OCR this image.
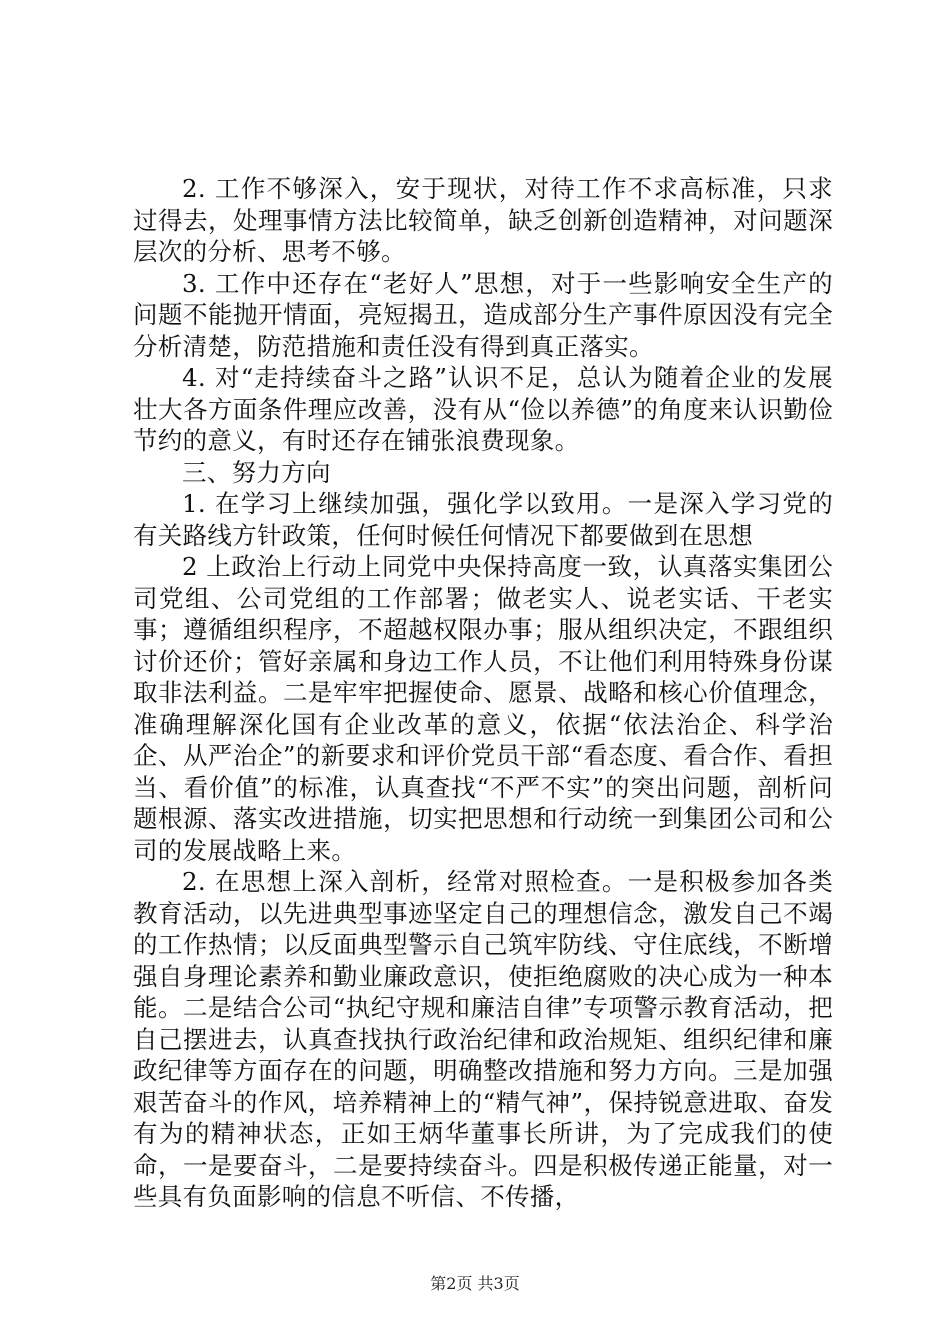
2. 工作不够深入，安于现状，对待工作不求高标准，只求过得去，处理事情方法比较简单，缺乏创新创造精神，对问题深层次的分析、思考不够。

3. 工作中还存在“老好人”思想，对于一些影响安全生产的问题不能抛开情面，亮短揭丑，造成部分生产事件原因没有完全分析清楚，防范措施和责任没有得到真正落实。

4. 对“走持续奋斗之路”认识不足，总认为随着企业的发展壮大各方面条件理应改善，没有从“俭以养德”的角度来认识勤俭节约的意义，有时还存在铺张浪费现象。

三、努力方向

1. 在学习上继续加强，强化学以致用。一是深入学习党的有关路线方针政策，任何时候任何情况下都要做到在思想

2 上政治上行动上同党中央保持高度一致，认真落实集团公司党组、公司党组的工作部署；做老实人、说老实话、干老实事；遵循组织程序，不超越权限办事；服从组织决定，不跟组织讨价还价；管好亲属和身边工作人员，不让他们利用特殊身份谋取非法利益。二是牢牢把握使命、愿景、战略和核心价值理念，准确理解深化国有企业改革的意义，依据“依法治企、科学治企、从严治企”的新要求和评价党员干部“看态度、看合作、看担当、看价值”的标准，认真查找“不严不实”的突出问题，剖析问题根源、落实改进措施，切实把思想和行动统一到集团公司和公司的发展战略上来。

2. 在思想上深入剖析，经常对照检查。一是积极参加各类教育活动，以先进典型事迹坚定自己的理想信念，激发自己不竭的工作热情；以反面典型警示自己筑牢防线、守住底线，不断增强自身理论素养和勤业廉政意识，使拒绝腐败的决心成为一种本能。二是结合公司“执纪守规和廉洁自律”专项警示教育活动，把自己摆进去，认真查找执行政治纪律和政治规矩、组织纪律和廉政纪律等方面存在的问题，明确整改措施和努力方向。三是加强艰苦奋斗的作风，培养精神上的“精气神”，保持锐意进取、奋发有为的精神状态，正如王炳华董事长所讲，为了完成我们的使命，一是要奋斗，二是要持续奋斗。四是积极传递正能量，对一些具有负面影响的信息不听信、不传播，

第2页 共3页
